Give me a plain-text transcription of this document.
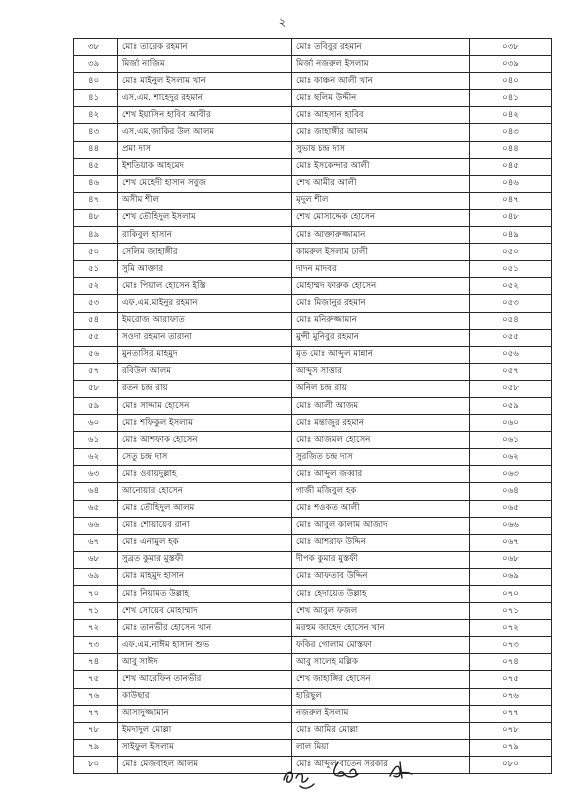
২
৩৮	মোঃ তারেক রহমান	মোঃ তবিবুর রহমান	০৩৮
৩৯	মির্জা নাজিম	মির্জা নজরুল ইসলাম	০৩৯
৪০	মোঃ মাইনুল ইসলাম খান	মোঃ কাঞ্চন আলী খান	০৪০
৪১	এস.এম. শাহেদুর রহমান	মোঃ ছলিম উদ্দীন	০৪১
৪২	শেখ ইয়াসিন হাবিব আবীর	মোঃ আহসান হাবিব	০৪২
৪৩	এস.এম.জাকির উল আলম	মোঃ জাহাঙ্গীর আলম	০৪৩
৪৪	প্রমা দাস	সুভাষ চন্দ্র দাস	০৪৪
৪৫	ইশতিয়াক আহমেদ	মোঃ ইসকেন্দার আলী	০৪৫
৪৬	শেখ মেহেদী হাসান সবুজ	শেখ আমীর আলী	০৪৬
৪৭	অসীম শীল	মৃদুল শীল	০৪৭
৪৮	শেখ তৌহিদুল ইসলাম	শেখ মোসাদ্দেক হোসেন	০৪৮
৪৯	রাকিবুল হাসান	মোঃ আক্তারুজ্জামান	০৪৯
৫০	সেলিম জাহাঙ্গীর	কামরুল ইসলাম ঢালী	০৫০
৫১	সুমি আক্তার	দাদন মাদবর	০৫১
৫২	মোঃ পিয়াল হোসেন ইস্তি	মোহাম্মদ ফারুক হোসেন	০৫২
৫৩	এফ.এম.মাইনুর রহমান	মোঃ মিজানুর রহমান	০৫৩
৫৪	ইমরোজ আরাফাত	মোঃ মনিরুজ্জামান	০৫৪
৫৫	সওদা রহমান তারানা	মুন্সী মুনিবুর রহমান	০৫৫
৫৬	মুনতাসির মাহমুদ	মৃত মোঃ আব্দুল মান্নান	০৫৬
৫৭	রবিউল আলম	আব্দুস সাত্তার	০৫৭
৫৮	রতন চন্দ্র রায়	অনিল চন্দ্র রায়	০৫৮
৫৯	মোঃ সাদ্দাম হোসেন	মোঃ আলী আজম	০৫৯
৬০	মোঃ শফিকুল ইসলাম	মোঃ মন্তাজুর রহমান	০৬০
৬১	মোঃ আশফাক হোসেন	মোঃ আজমল হোসেন	০৬১
৬২	সেতু চন্দ্র দাস	সুরজিত চন্দ্র দাস	০৬২
৬৩	মোঃ ওবায়দুল্লাহ	মোঃ আব্দুল জব্বার	০৬৩
৬৪	আনোয়ার হোসেন	গাজী মজিবুল হক	০৬৪
৬৫	মোঃ তৌহিদুল আলম	মোঃ শওকত আলী	০৬৫
৬৬	মোঃ শোয়ায়েব রানা	মোঃ আবুল কালাম আজাদ	০৬৬
৬৭	মোঃ এনামুল হক	মোঃ আশরাফ উদ্দিন	০৬৭
৬৮	সুব্রত কুমার মুস্তফী	দীপক কুমার মুস্তফী	০৬৮
৬৯	মোঃ মাহমুদ হাসান	মোঃ আফতাব উদ্দিন	০৬৯
৭০	মোঃ নিয়ামত উল্লাহ	মোঃ হেদায়েত উল্লাহ	০৭০
৭১	শেখ সোয়েব মোহাম্মাদ	শেখ আবুল ফজল	০৭১
৭২	মোঃ তানভীর হোসেন খান	মরহুম জাহেদ হোসেন খান	০৭২
৭৩	এফ.এম.নাঈম হাসান শুভ	ফকির গোলাম মোস্তফা	০৭৩
৭৪	আবু সাঈদ	আবু সালেহ মল্লিক	০৭৪
৭৫	শেখ আরেফিন তানভীর	শেখ জাহাঙ্গির হোসেন	০৭৫
৭৬	কাউছার	হারিছুল	০৭৬
৭৭	আসাদুজ্জামান	নজরুল ইসলাম	০৭৭
৭৮	ইমদাদুল মোল্লা	মোঃ আমির মোল্লা	০৭৮
৭৯	সাইফুল ইসলাম	লাল মিয়া	০৭৯
৮০	মোঃ মেজবাহল আলম	মোঃ আব্দুল বাতেন সরকার	০৮০
